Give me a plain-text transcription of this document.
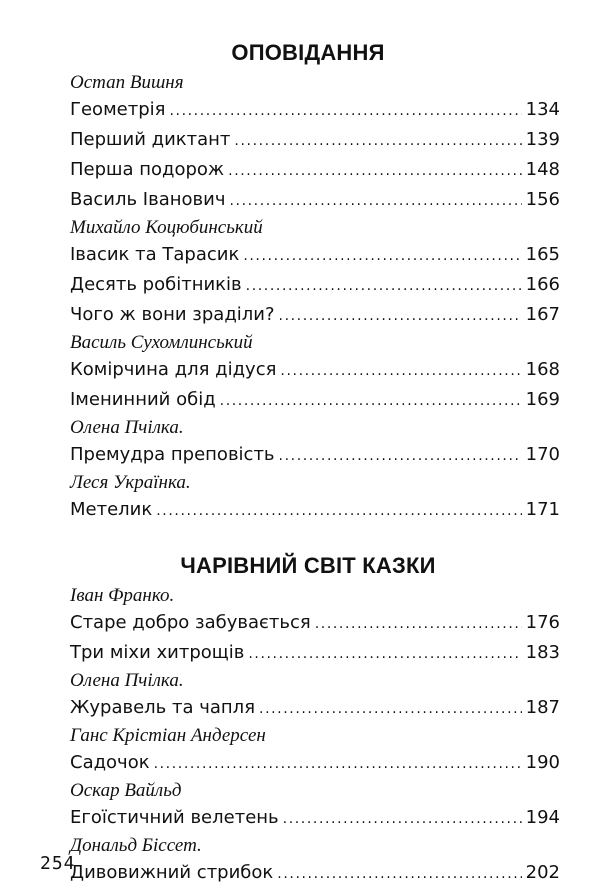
ОПОВІДАННЯ
Остап Вишня
Геометрія .....	134
Перший диктант .....	139
Перша подорож .....	148
Василь Іванович .....	156
Михайло Коцюбинський
Івасик та Тарасик .....	165
Десять робітників .....	166
Чого ж вони зраділи? .....	167
Василь Сухомлинський
Комірчина для дідуся .....	168
Іменинний обід .....	169
Олена Пчілка.
Премудра преповість .....	170
Леся Українка.
Метелик .....	171
ЧАРІВНИЙ СВІТ КАЗКИ
Іван Франко.
Старе добро забувається .....	176
Три міхи хитрощів .....	183
Олена Пчілка.
Журавель та чапля .....	187
Ганс Крістіан Андерсен
Садочок .....	190
Оскар Вайльд
Егоїстичний велетень .....	194
Дональд Біссет.
Дивовижний стрибок .....	202
254
